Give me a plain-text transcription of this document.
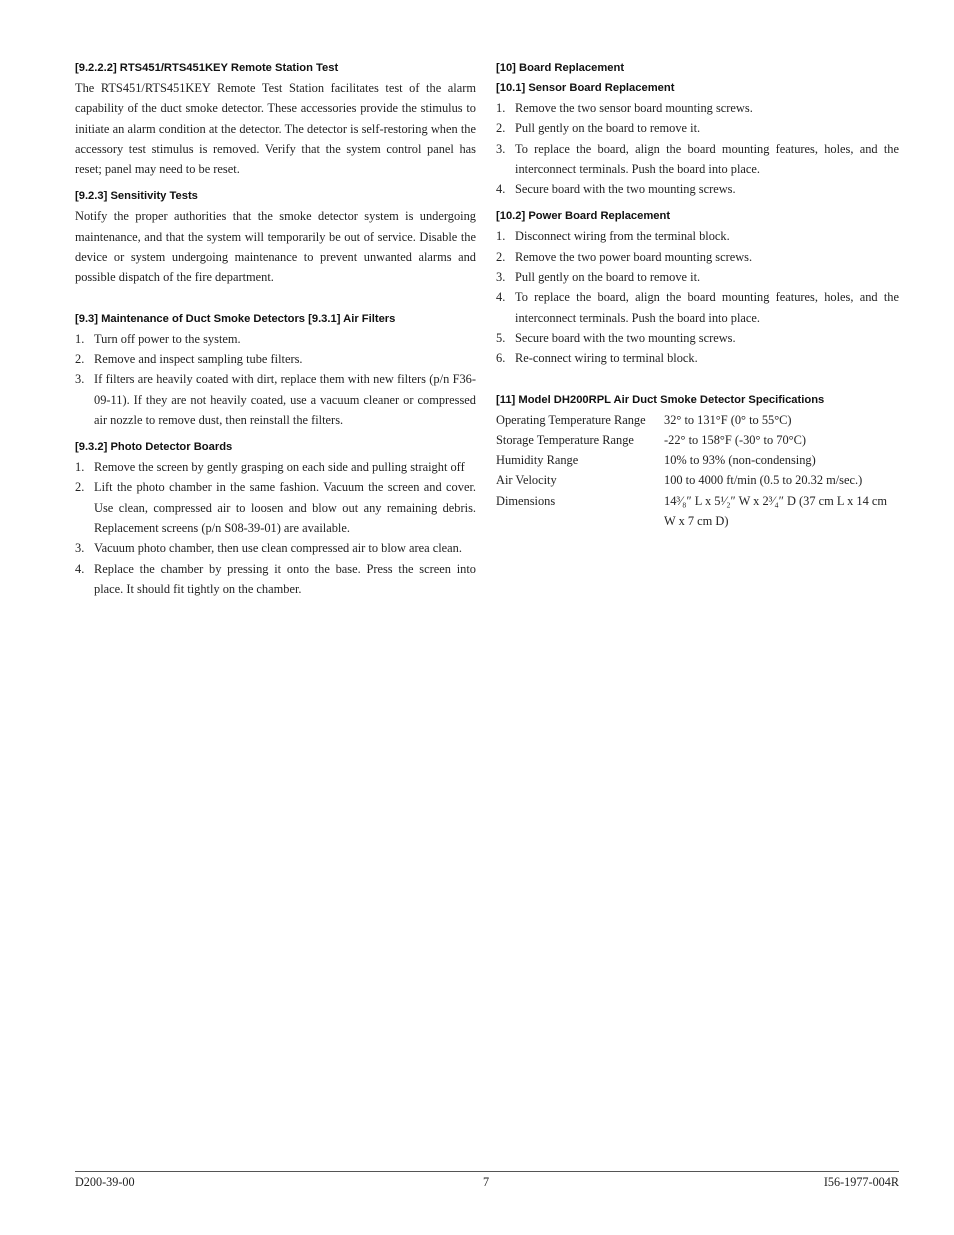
[9.2.2.2] RTS451/RTS451KEY Remote Station Test

The RTS451/RTS451KEY Remote Test Station facilitates test of the alarm capability of the duct smoke detector. These accessories provide the stimulus to initiate an alarm condition at the detector. The detector is self-restoring when the accessory test stimulus is removed. Verify that the system control panel has reset; panel may need to be reset.

[9.2.3] Sensitivity Tests

Notify the proper authorities that the smoke detector system is undergoing maintenance, and that the system will temporarily be out of service. Disable the device or system undergoing maintenance to prevent unwanted alarms and possible dispatch of the fire department.

[9.3] Maintenance of Duct Smoke Detectors [9.3.1] Air Filters
1. Turn off power to the system.
2. Remove and inspect sampling tube filters.
3. If filters are heavily coated with dirt, replace them with new filters (p/n F36-09-11). If they are not heavily coated, use a vacuum cleaner or compressed air nozzle to remove dust, then reinstall the filters.
[9.3.2] Photo Detector Boards
1. Remove the screen by gently grasping on each side and pulling straight off
2. Lift the photo chamber in the same fashion. Vacuum the screen and cover. Use clean, compressed air to loosen and blow out any remaining debris. Replacement screens (p/n S08-39-01) are available.
3. Vacuum photo chamber, then use clean compressed air to blow area clean.
4. Replace the chamber by pressing it onto the base. Press the screen into place. It should fit tightly on the chamber.
[10] Board Replacement
[10.1] Sensor Board Replacement
1. Remove the two sensor board mounting screws.
2. Pull gently on the board to remove it.
3. To replace the board, align the board mounting features, holes, and the interconnect terminals. Push the board into place.
4. Secure board with the two mounting screws.
[10.2] Power Board Replacement
1. Disconnect wiring from the terminal block.
2. Remove the two power board mounting screws.
3. Pull gently on the board to remove it.
4. To replace the board, align the board mounting features, holes, and the interconnect terminals. Push the board into place.
5. Secure board with the two mounting screws.
6. Re-connect wiring to terminal block.
[11] Model DH200RPL Air Duct Smoke Detector Specifications
Operating Temperature Range	32° to 131°F (0° to 55°C)
Storage Temperature Range	-22° to 158°F (-30° to 70°C)
Humidity Range	10% to 93% (non-condensing)
Air Velocity	100 to 4000 ft/min (0.5 to 20.32 m/sec.)
Dimensions	14³⁄₈″ L x 5¹⁄₂″ W x 2³⁄₄″ D (37 cm L x 14 cm W x 7 cm D)
D200-39-00	7	I56-1977-004R
